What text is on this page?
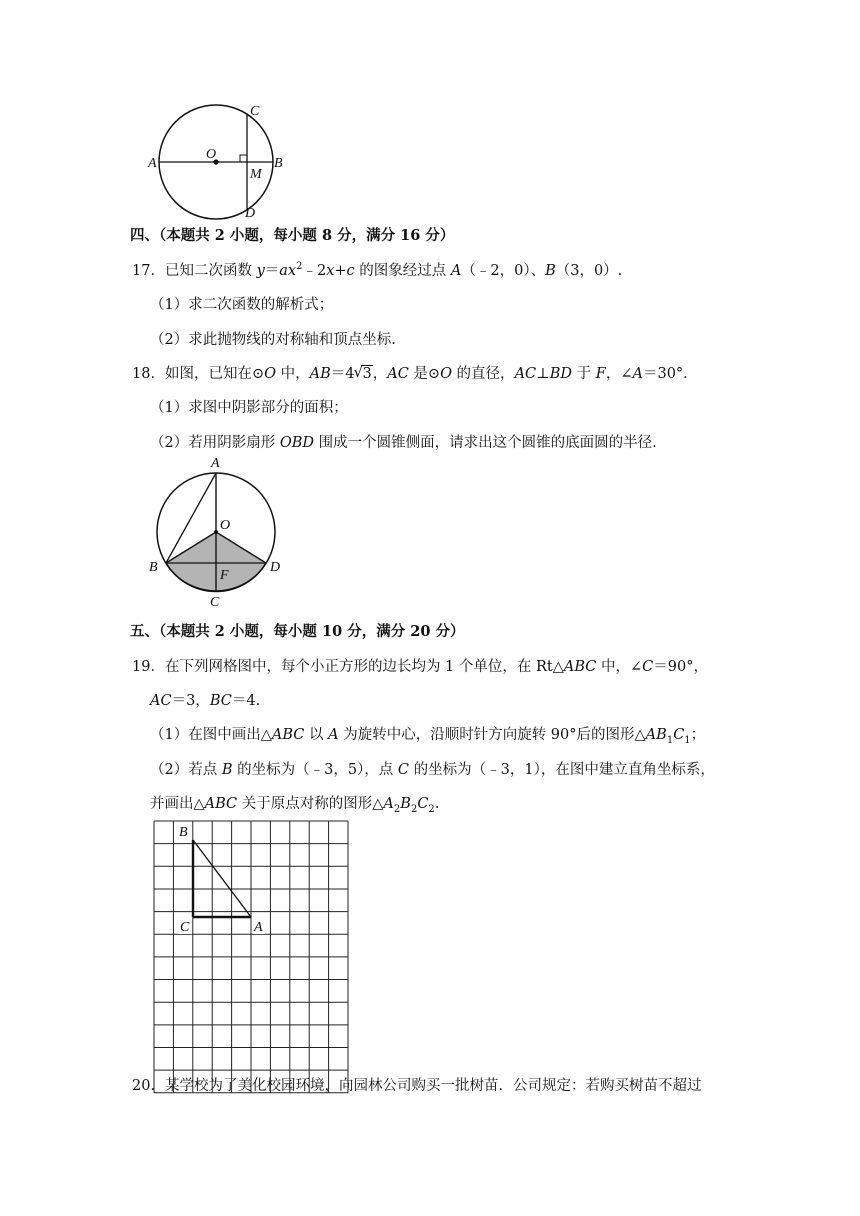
A
O
B
C
D
M
四、（本题共 2 小题，每小题 8 分，满分 16 分）
17．已知二次函数 $y=ax^2﹣2x+c$ 的图象经过点 A（﹣2，0）、B（3，0）.
（1）求二次函数的解析式；
（2）求此抛物线的对称轴和顶点坐标.
18．如图，已知在⊙O 中，AB＝4 √ 3，AC 是⊙O 的直径，AC⊥BD 于 F，∠A＝30°．
（1）求图中阴影部分的面积；
（2）若用阴影扇形 OBD 围成一个圆锥侧面，请求出这个圆锥的底面圆的半径.
A
O
B	D
F
C
五、（本题共 2 小题，每小题 10 分，满分 20 分）
19．在下列网格图中，每个小正方形的边长均为 1 个单位，在 Rt△ABC 中，∠C＝90°，
AC＝3，BC＝4.
（1）在图中画出△ABC 以 A 为旋转中心，沿顺时针方向旋转 90°后的图形$\triangle AB_1C_1$；
（2）若点 B 的坐标为（﹣3，5），点 C 的坐标为（﹣3，1），在图中建立直角坐标系，
并画出△ABC 关于原点对称的图形$\triangle A_2B_2C_2$.
B
C	A
20．某学校为了美化校园环境，向园林公司购买一批树苗．公司规定：若购买树苗不超过
